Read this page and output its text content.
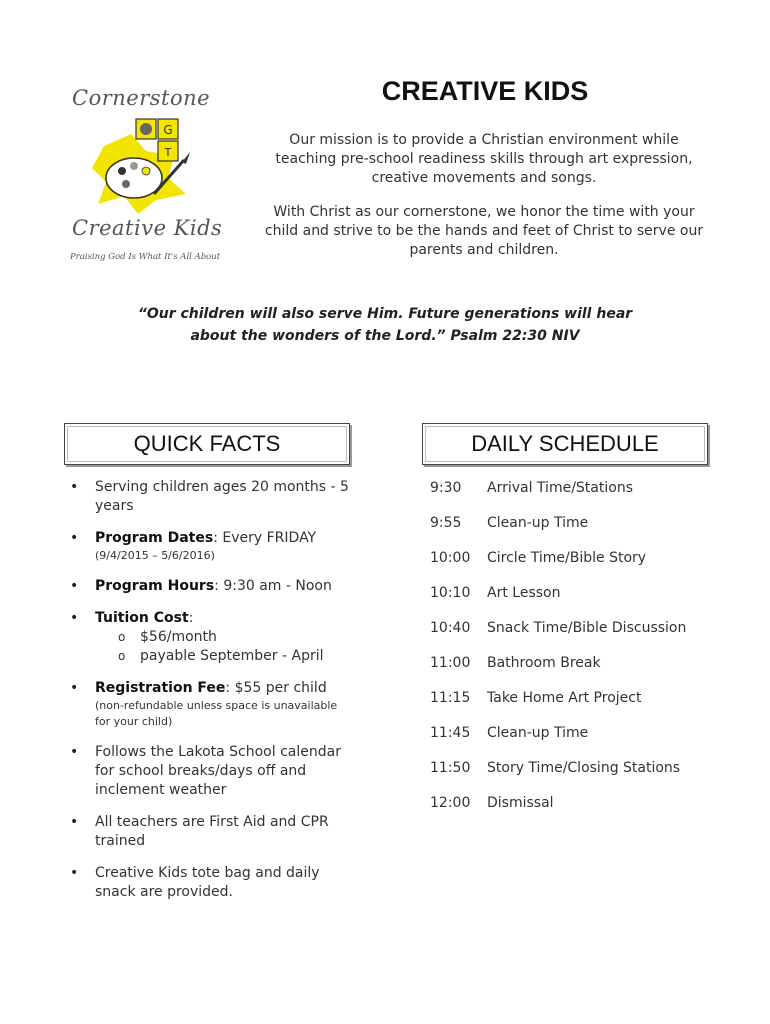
Cornerstone
G
T
Creative Kids
Praising God Is What It's All About
CREATIVE KIDS
Our mission is to provide a Christian environment while teaching pre-school readiness skills through art expression, creative movements and songs.
With Christ as our cornerstone, we honor the time with your child and strive to be the hands and feet of Christ to serve our parents and children.
“Our children will also serve Him. Future generations will hear
about the wonders of the Lord.” Psalm 22:30 NIV
QUICK FACTS	DAILY SCHEDULE
• Serving children ages 20 months - 5 years
• Program Dates: Every FRIDAY
(9/4/2015 – 5/6/2016)
• Program Hours: 9:30 am - Noon
• Tuition Cost:
o $56/month
o payable September - April
• Registration Fee: $55 per child
(non-refundable unless space is unavailable for your child)
• Follows the Lakota School calendar for school breaks/days off and inclement weather
• All teachers are First Aid and CPR trained
• Creative Kids tote bag and daily snack are provided.
9:30	Arrival Time/Stations
9:55	Clean-up Time
10:00	Circle Time/Bible Story
10:10	Art Lesson
10:40	Snack Time/Bible Discussion
11:00	Bathroom Break
11:15	Take Home Art Project
11:45	Clean-up Time
11:50	Story Time/Closing Stations
12:00	Dismissal
